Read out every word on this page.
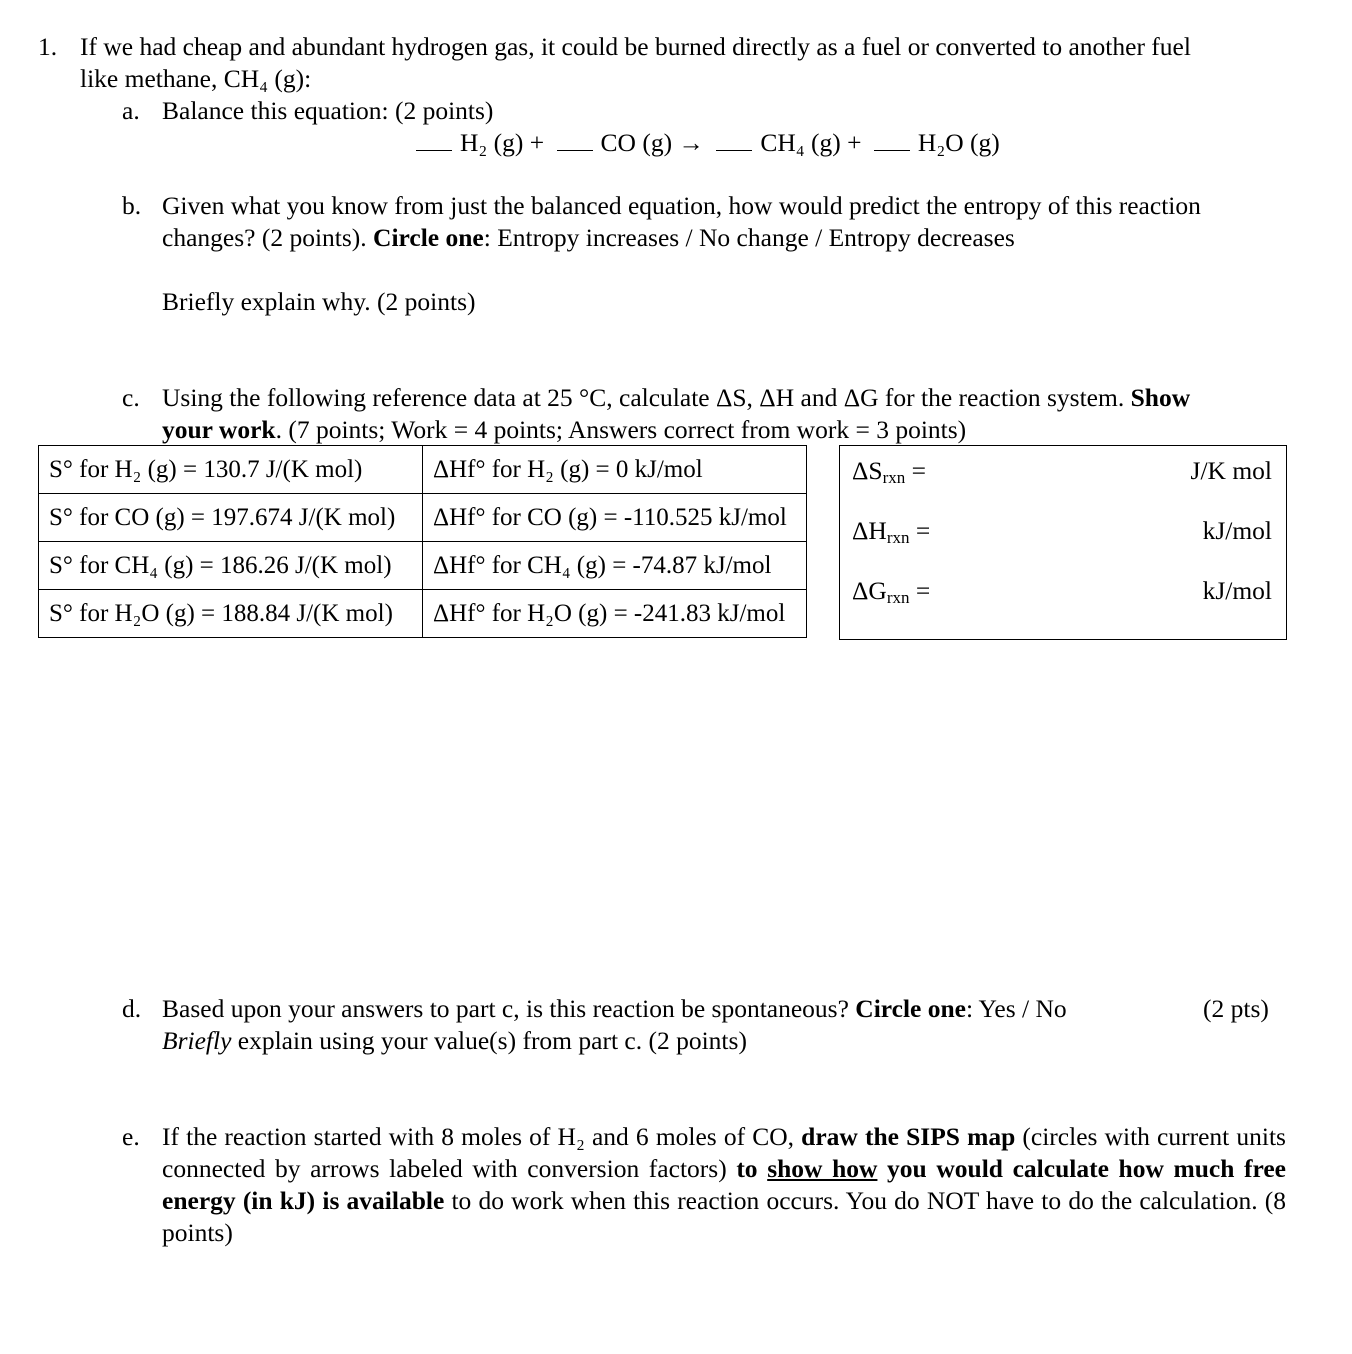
1. If we had cheap and abundant hydrogen gas, it could be burned directly as a fuel or converted to another fuel
like methane, CH₄ (g):
a. Balance this equation: (2 points)
H₂ (g) + CO (g) → CH₄ (g) + H₂O (g)
b. Given what you know from just the balanced equation, how would predict the entropy of this reaction
changes? (2 points). Circle one: Entropy increases / No change / Entropy decreases
Briefly explain why. (2 points)
c. Using the following reference data at 25 °C, calculate ΔS, ΔH and ΔG for the reaction system. Show
your work. (7 points; Work = 4 points; Answers correct from work = 3 points)
S° for H₂ (g) = 130.7 J/(K mol)	ΔHf° for H₂ (g) = 0 kJ/mol
S° for CO (g) = 197.674 J/(K mol)	ΔHf° for CO (g) = -110.525 kJ/mol
S° for CH₄ (g) = 186.26 J/(K mol)	ΔHf° for CH₄ (g) = -74.87 kJ/mol
S° for H₂O (g) = 188.84 J/(K mol)	ΔHf° for H₂O (g) = -241.83 kJ/mol
$\Delta S_{rxn}$ =	J/K mol
$\Delta H_{rxn}$ =	kJ/mol
$\Delta G_{rxn}$ =	kJ/mol
d. Based upon your answers to part c, is this reaction be spontaneous? Circle one: Yes / No	(2 pts)
Briefly explain using your value(s) from part c. (2 points)
e. If the reaction started with 8 moles of H₂ and 6 moles of CO, draw the SIPS map (circles with current units connected by arrows labeled with conversion factors) to show how you would calculate how much free energy (in kJ) is available to do work when this reaction occurs. You do NOT have to do the calculation. (8 points)
